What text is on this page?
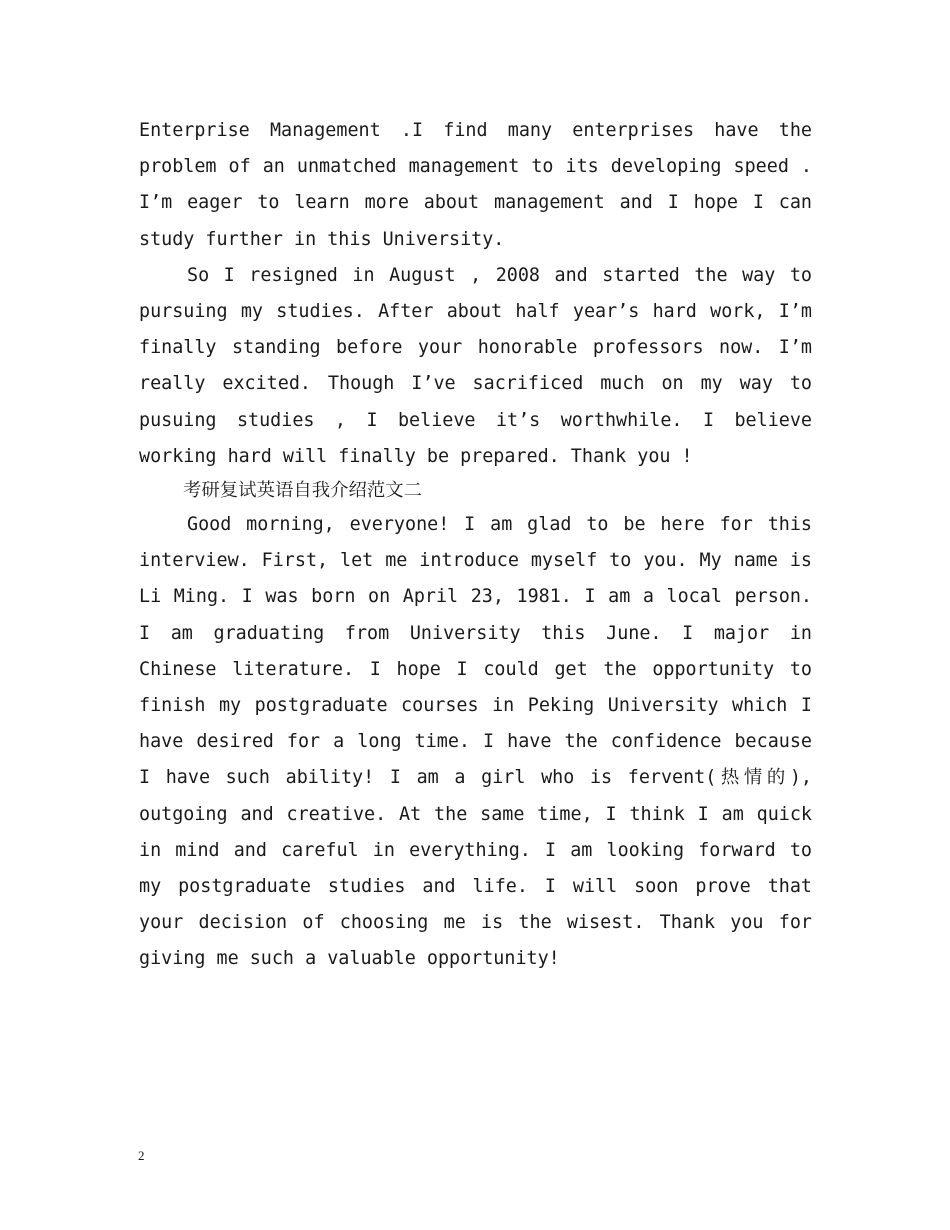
Enterprise Management .I find many enterprises have the problem of an unmatched management to its developing speed . I’m eager to learn more about management and I hope I can study further in this University.

So I resigned in August , 2008 and started the way to pursuing my studies. After about half year’s hard work, I’m finally standing before your honorable professors now. I’m really excited. Though I’ve sacrificed much on my way to pusuing studies , I believe it’s worthwhile. I believe working hard will finally be prepared. Thank you !

考研复试英语自我介绍范文二

Good morning, everyone! I am glad to be here for this interview. First, let me introduce myself to you. My name is Li Ming. I was born on April 23, 1981. I am a local person. I am graduating from University this June. I major in Chinese literature. I hope I could get the opportunity to finish my postgraduate courses in Peking University which I have desired for a long time. I have the confidence because I have such ability! I am a girl who is fervent(热情的), outgoing and creative. At the same time, I think I am quick in mind and careful in everything. I am looking forward to my postgraduate studies and life. I will soon prove that your decision of choosing me is the wisest. Thank you for giving me such a valuable opportunity!

2
